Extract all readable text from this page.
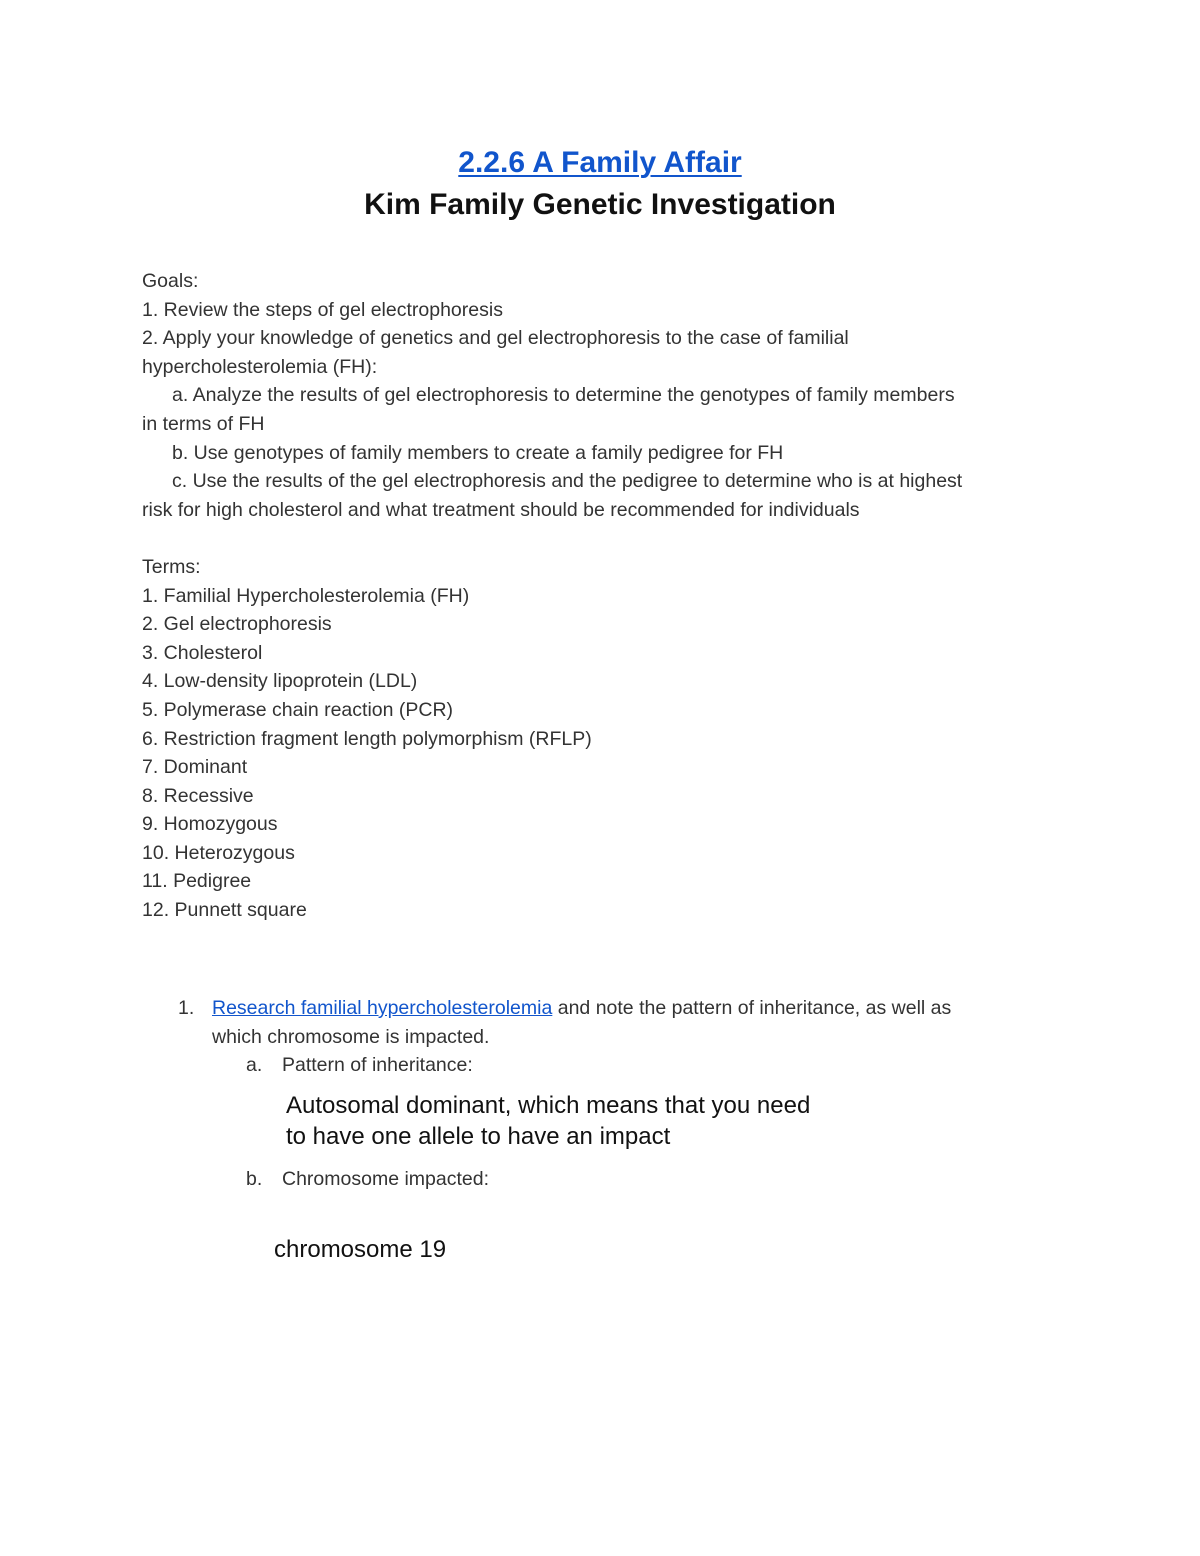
2.2.6 A Family Affair
Kim Family Genetic Investigation
Goals:
1. Review the steps of gel electrophoresis
2. Apply your knowledge of genetics and gel electrophoresis to the case of familial
hypercholesterolemia (FH):
a. Analyze the results of gel electrophoresis to determine the genotypes of family members
in terms of FH
b. Use genotypes of family members to create a family pedigree for FH
c. Use the results of the gel electrophoresis and the pedigree to determine who is at highest
risk for high cholesterol and what treatment should be recommended for individuals
Terms:
1. Familial Hypercholesterolemia (FH)
2. Gel electrophoresis
3. Cholesterol
4. Low-density lipoprotein (LDL)
5. Polymerase chain reaction (PCR)
6. Restriction fragment length polymorphism (RFLP)
7. Dominant
8. Recessive
9. Homozygous
10. Heterozygous
11. Pedigree
12. Punnett square
1. Research familial hypercholesterolemia and note the pattern of inheritance, as well as
which chromosome is impacted.
a. Pattern of inheritance:
Autosomal dominant, which means that you need
to have one allele to have an impact
b. Chromosome impacted:
chromosome 19
